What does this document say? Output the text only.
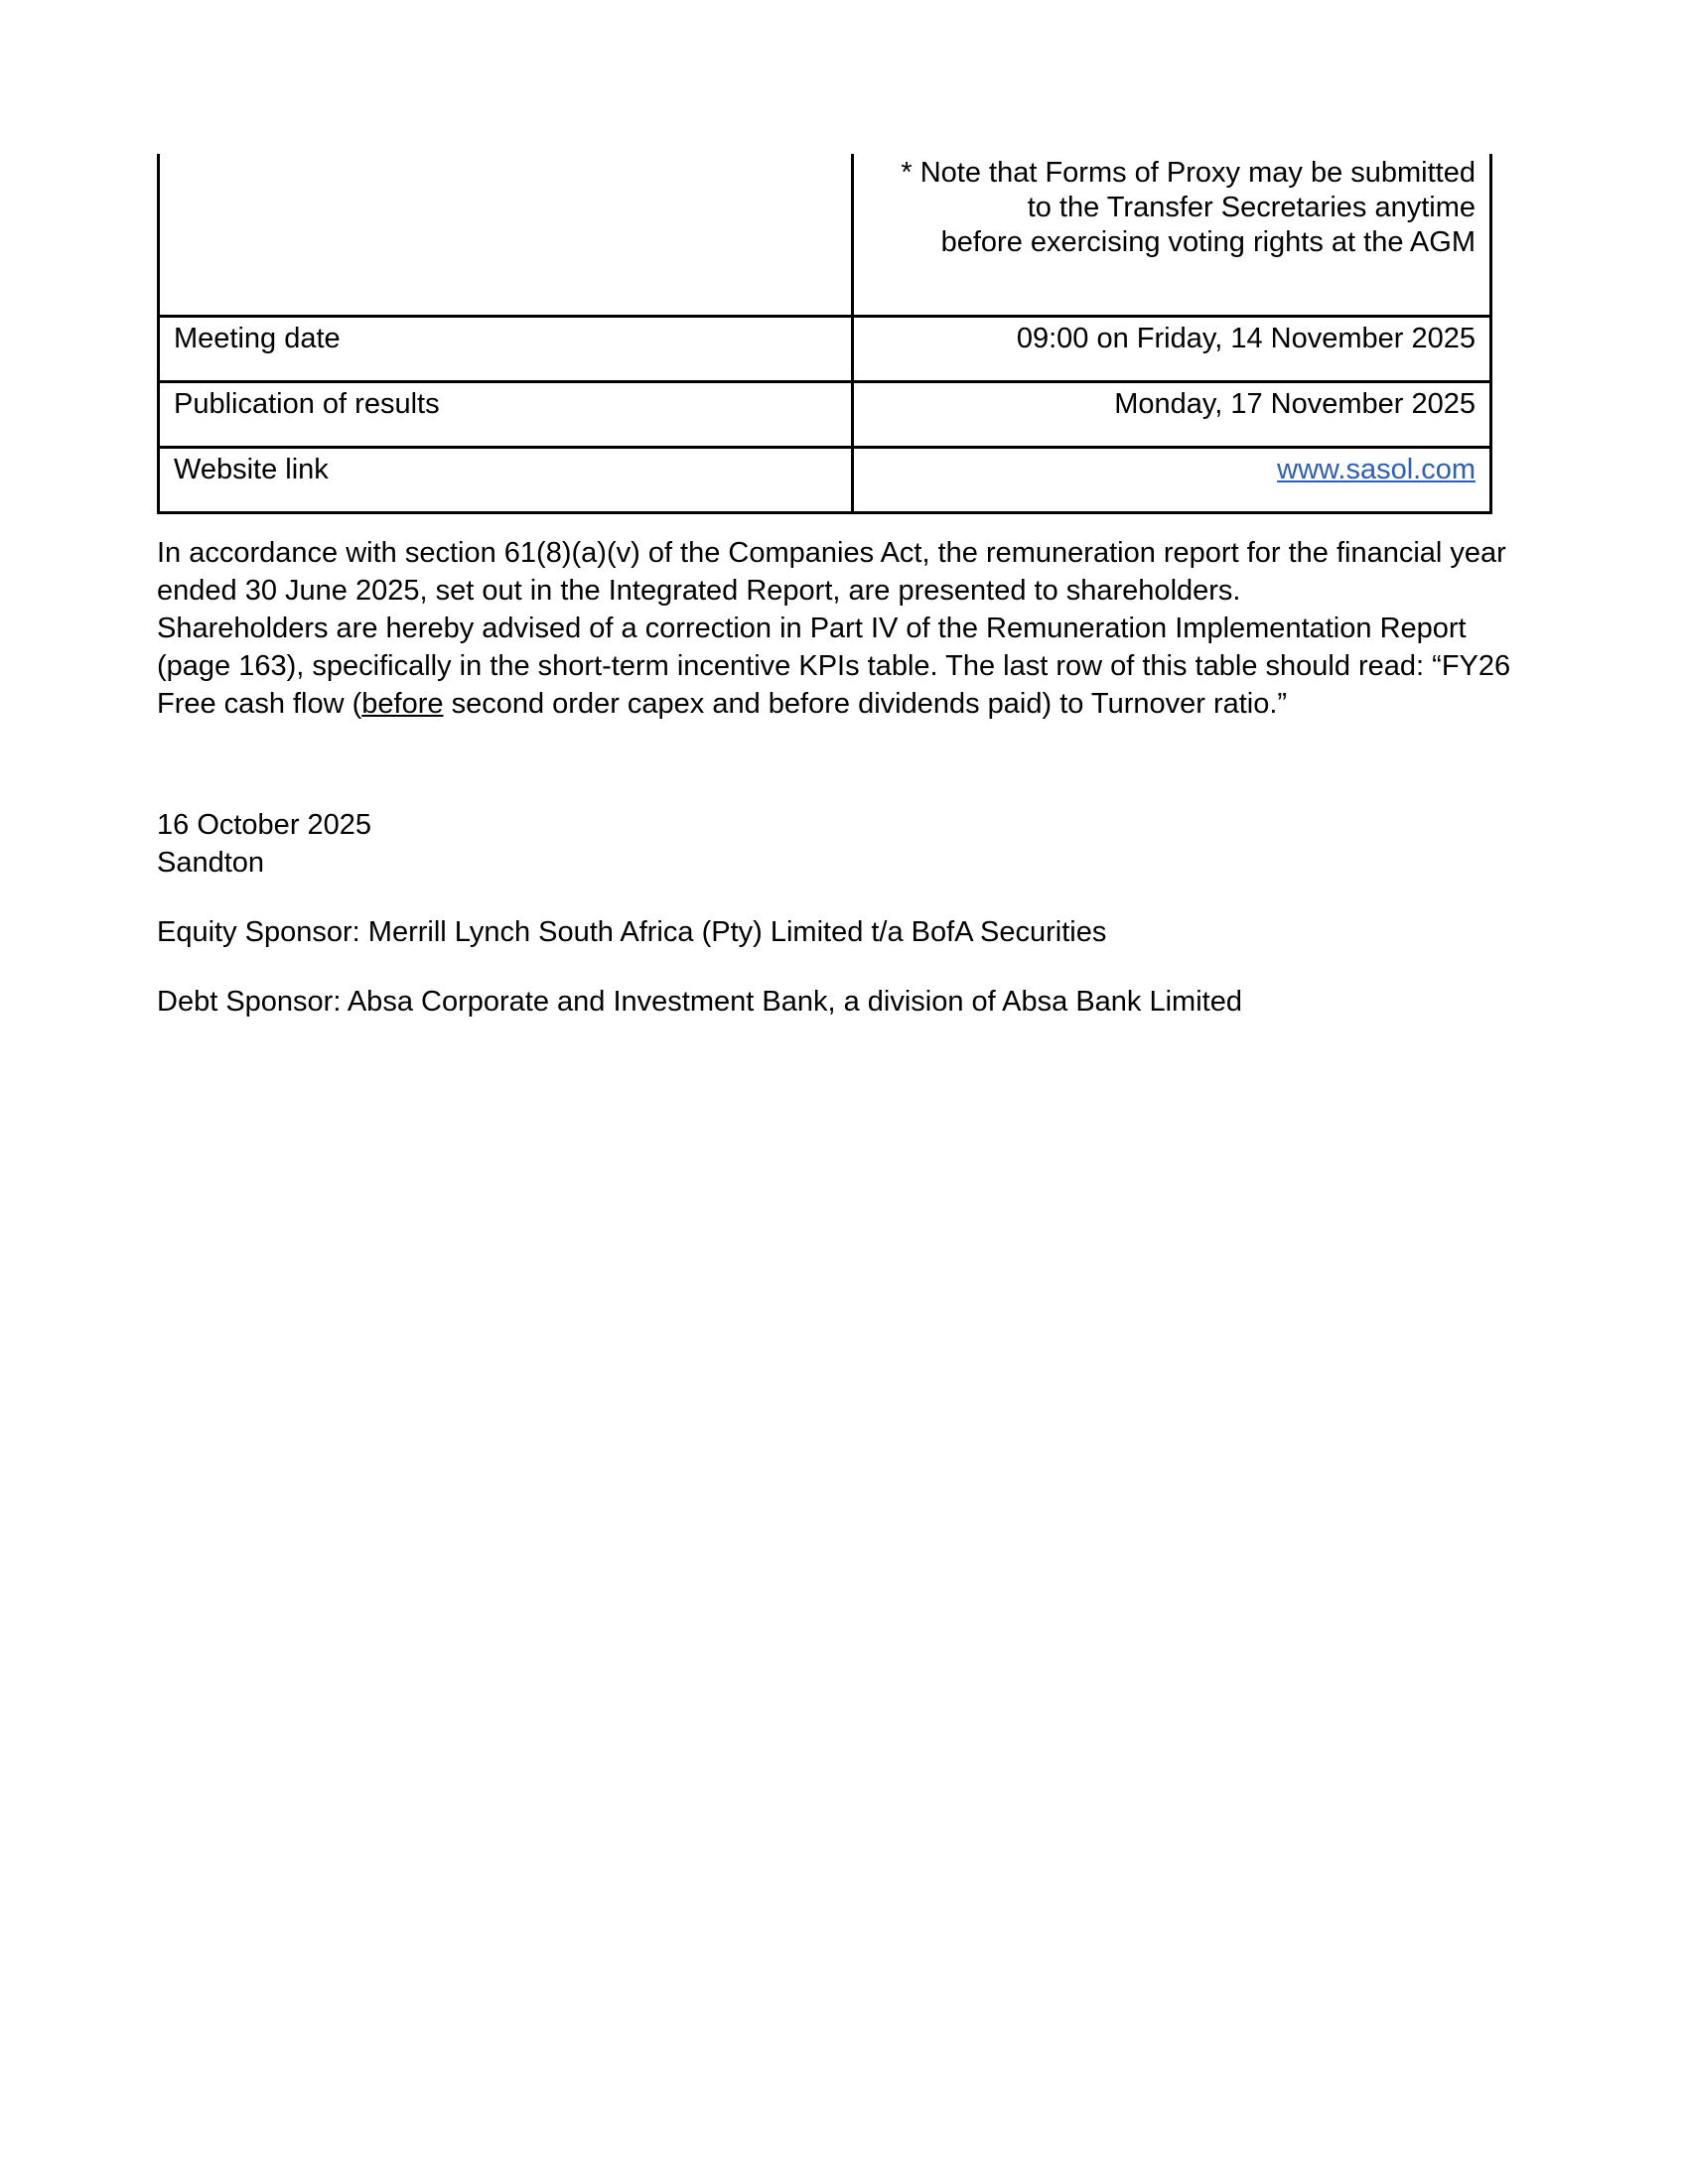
	* Note that Forms of Proxy may be submitted
to the Transfer Secretaries anytime
before exercising voting rights at the AGM

Meeting date	09:00 on Friday, 14 November 2025
Publication of results	Monday, 17 November 2025
Website link	www.sasol.com
In accordance with section 61(8)(a)(v) of the Companies Act, the remuneration report for the financial year ended 30 June 2025, set out in the Integrated Report, are presented to shareholders.
Shareholders are hereby advised of a correction in Part IV of the Remuneration Implementation Report (page 163), specifically in the short-term incentive KPIs table. The last row of this table should read: “FY26 Free cash flow (before second order capex and before dividends paid) to Turnover ratio.”
16 October 2025
Sandton
Equity Sponsor: Merrill Lynch South Africa (Pty) Limited t/a BofA Securities
Debt Sponsor: Absa Corporate and Investment Bank, a division of Absa Bank Limited
